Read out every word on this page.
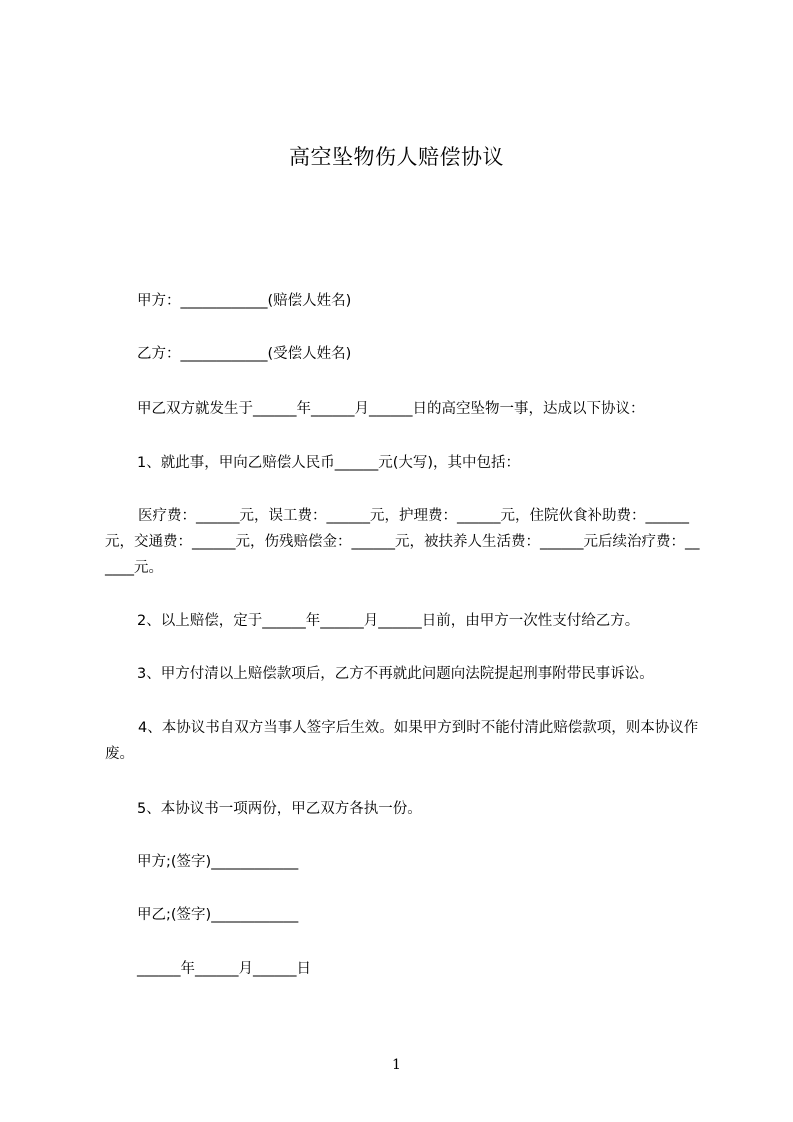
高空坠物伤人赔偿协议
甲方：____________(赔偿人姓名)
乙方：____________(受偿人姓名)
甲乙双方就发生于______年______月______日的高空坠物一事，达成以下协议：
1、就此事，甲向乙赔偿人民币______元(大写)，其中包括：
医疗费：______元，误工费：______元，护理费：______元，住院伙食补助费：______元，交通费：______元，伤残赔偿金：______元，被扶养人生活费：______元后续治疗费：______元。
2、以上赔偿，定于______年______月______日前，由甲方一次性支付给乙方。
3、甲方付清以上赔偿款项后，乙方不再就此问题向法院提起刑事附带民事诉讼。
4、本协议书自双方当事人签字后生效。如果甲方到时不能付清此赔偿款项，则本协议作废。
5、本协议书一项两份，甲乙双方各执一份。
甲方;(签字)____________
甲乙;(签字)____________
______年______月______日
1
